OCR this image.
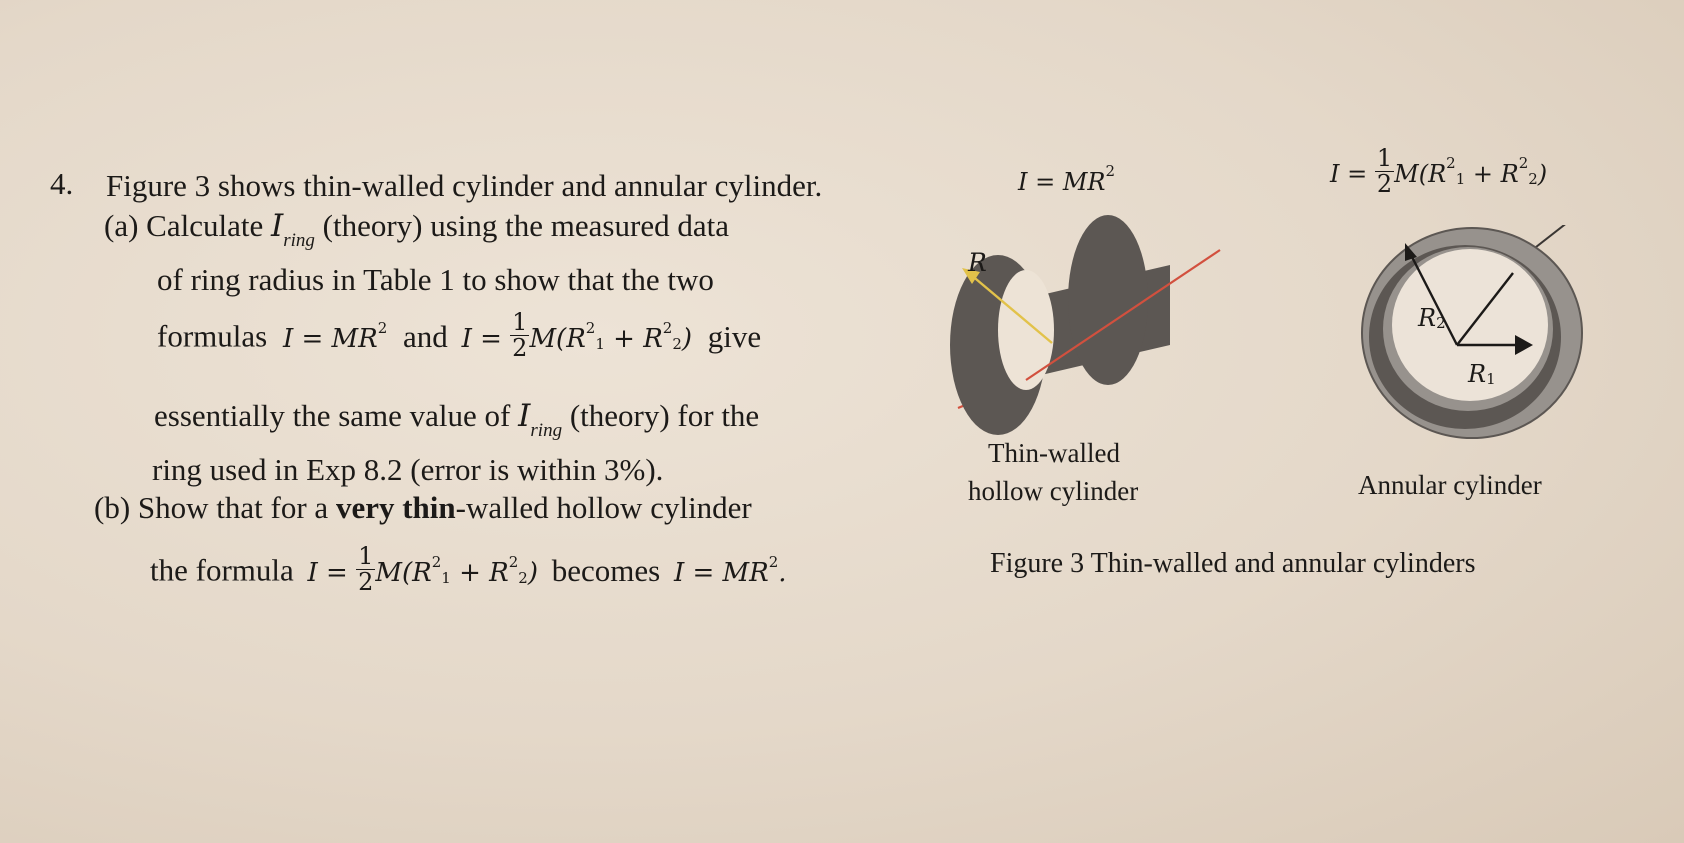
4. Figure 3 shows thin-walled cylinder and annular cylinder.
(a) Calculate $I_{ring}$ (theory) using the measured data
of ring radius in Table 1 to show that the two
formulas $I = MR^2$ and $I = \frac{1}{2} M(R^2_1 + R^2_2)$ give
essentially the same value of $I_{ring}$ (theory) for the
ring used in Exp 8.2 (error is within 3%).
(b) Show that for a very thin-walled hollow cylinder
the formula $I = \frac{1}{2} M(R^2_1 + R^2_2)$ becomes $I = MR^2$.
$I = MR^2$	$I = \frac{1}{2} M(R^2_1 + R^2_2)$
R
$R_2$
$R_1$
Thin-walled
hollow cylinder	Annular cylinder
Figure 3 Thin-walled and annular cylinders
